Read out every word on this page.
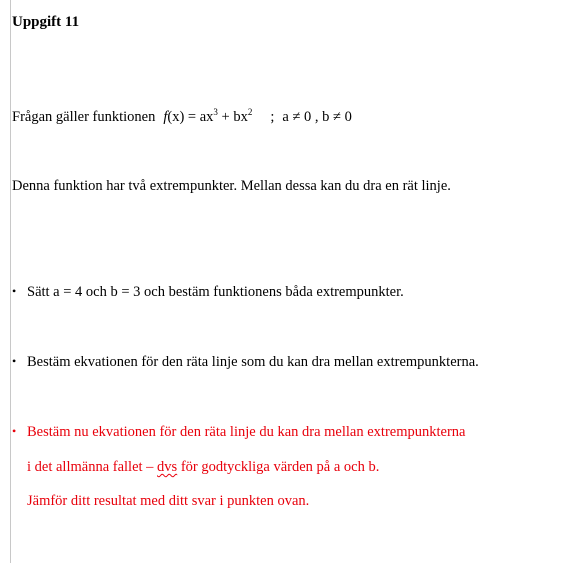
Uppgift 11
Frågan gäller funktionen $f(x) = ax^3 + bx^2$ ; a ≠ 0 , b ≠ 0
Denna funktion har två extrempunkter. Mellan dessa kan du dra en rät linje.
• Sätt a = 4 och b = 3 och bestäm funktionens båda extrempunkter.
• Bestäm ekvationen för den räta linje som du kan dra mellan extrempunkterna.
• Bestäm nu ekvationen för den räta linje du kan dra mellan extrempunkterna
i det allmänna fallet – dvs för godtyckliga värden på a och b.
Jämför ditt resultat med ditt svar i punkten ovan.
